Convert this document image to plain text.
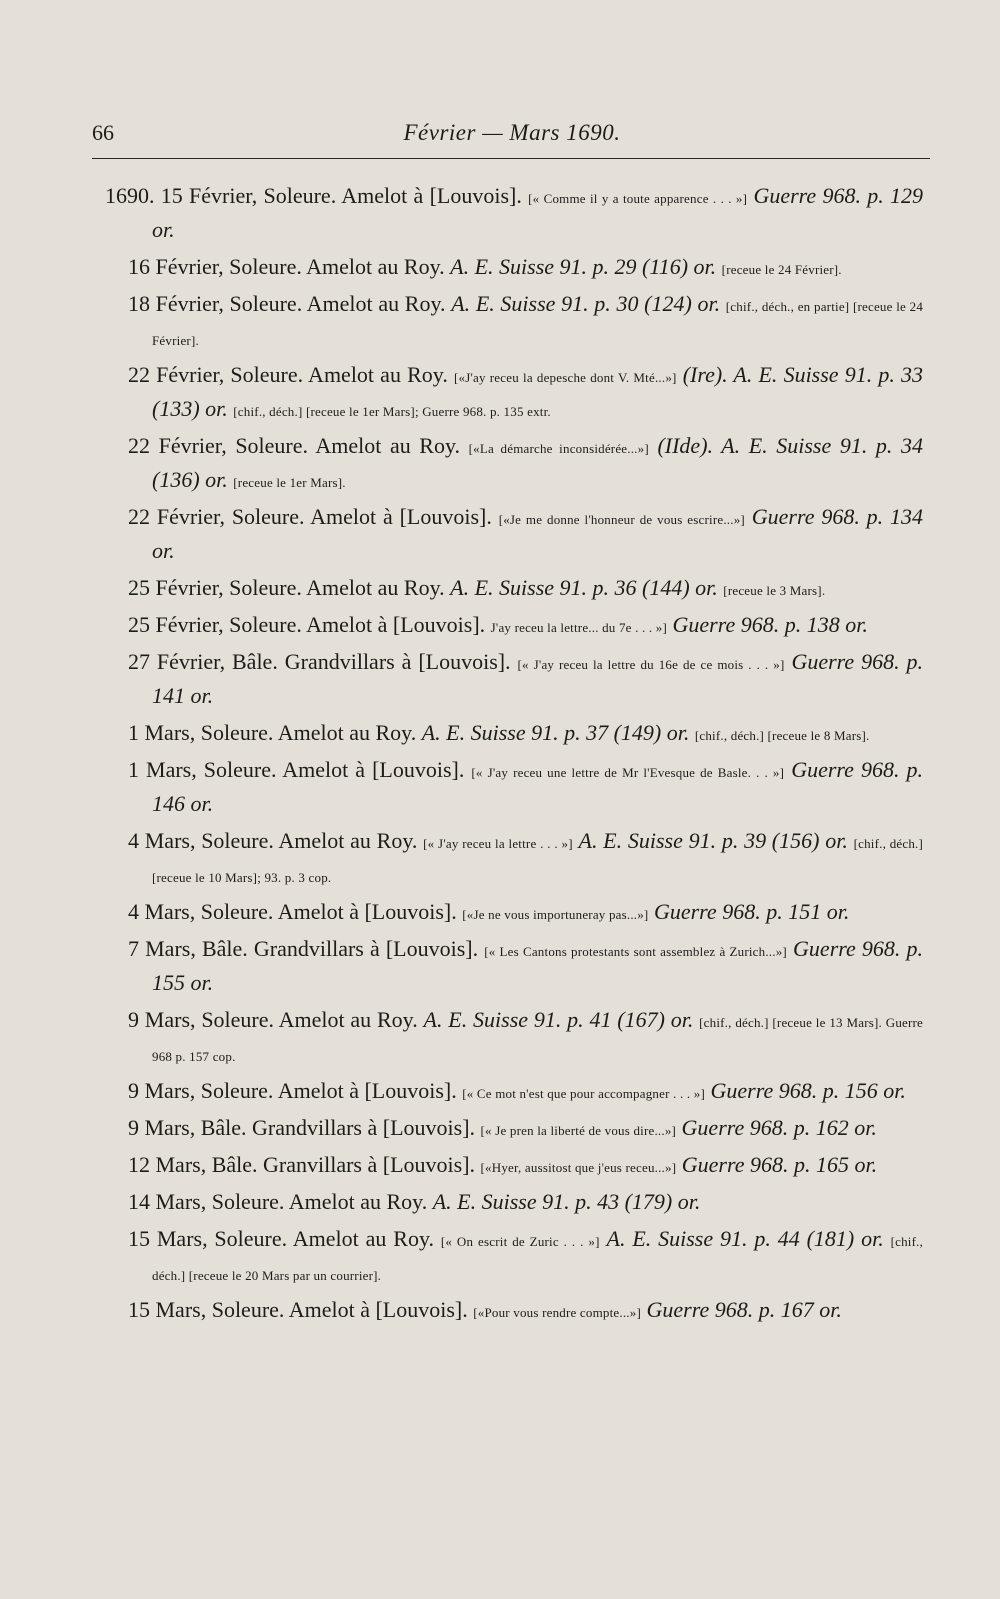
66	Février — Mars 1690.
1690. 15 Février, Soleure. Amelot à [Louvois]. [« Comme il y a toute apparence . . . »] Guerre 968. p. 129 or.
16 Février, Soleure. Amelot au Roy. A. E. Suisse 91. p. 29 (116) or. [receue le 24 Février].
18 Février, Soleure. Amelot au Roy. A. E. Suisse 91. p. 30 (124) or. [chif., déch., en partie] [receue le 24 Février].
22 Février, Soleure. Amelot au Roy. [«J'ay receu la depesche dont V. Mté...»] (Ire). A. E. Suisse 91. p. 33 (133) or. [chif., déch.] [receue le 1er Mars]; Guerre 968. p. 135 extr.
22 Février, Soleure. Amelot au Roy. [«La démarche inconsidérée...»] (IIde). A. E. Suisse 91. p. 34 (136) or. [receue le 1er Mars].
22 Février, Soleure. Amelot à [Louvois]. [«Je me donne l'honneur de vous escrire...»] Guerre 968. p. 134 or.
25 Février, Soleure. Amelot au Roy. A. E. Suisse 91. p. 36 (144) or. [receue le 3 Mars].
25 Février, Soleure. Amelot à [Louvois]. J'ay receu la lettre... du 7e . . . »] Guerre 968. p. 138 or.
27 Février, Bâle. Grandvillars à [Louvois]. [« J'ay receu la lettre du 16e de ce mois . . . »] Guerre 968. p. 141 or.
1 Mars, Soleure. Amelot au Roy. A. E. Suisse 91. p. 37 (149) or. [chif., déch.] [receue le 8 Mars].
1 Mars, Soleure. Amelot à [Louvois]. [« J'ay receu une lettre de Mr l'Evesque de Basle. . . »] Guerre 968. p. 146 or.
4 Mars, Soleure. Amelot au Roy. [« J'ay receu la lettre . . . »] A. E. Suisse 91. p. 39 (156) or. [chif., déch.] [receue le 10 Mars]; 93. p. 3 cop.
4 Mars, Soleure. Amelot à [Louvois]. [«Je ne vous importuneray pas...»] Guerre 968. p. 151 or.
7 Mars, Bâle. Grandvillars à [Louvois]. [« Les Cantons protestants sont assemblez à Zurich...»] Guerre 968. p. 155 or.
9 Mars, Soleure. Amelot au Roy. A. E. Suisse 91. p. 41 (167) or. [chif., déch.] [receue le 13 Mars]. Guerre 968 p. 157 cop.
9 Mars, Soleure. Amelot à [Louvois]. [« Ce mot n'est que pour accompagner . . . »] Guerre 968. p. 156 or.
9 Mars, Bâle. Grandvillars à [Louvois]. [« Je pren la liberté de vous dire...»] Guerre 968. p. 162 or.
12 Mars, Bâle. Granvillars à [Louvois]. [«Hyer, aussitost que j'eus receu...»] Guerre 968. p. 165 or.
14 Mars, Soleure. Amelot au Roy. A. E. Suisse 91. p. 43 (179) or.
15 Mars, Soleure. Amelot au Roy. [« On escrit de Zuric . . . »] A. E. Suisse 91. p. 44 (181) or. [chif., déch.] [receue le 20 Mars par un courrier].
15 Mars, Soleure. Amelot à [Louvois]. [«Pour vous rendre compte...»] Guerre 968. p. 167 or.
